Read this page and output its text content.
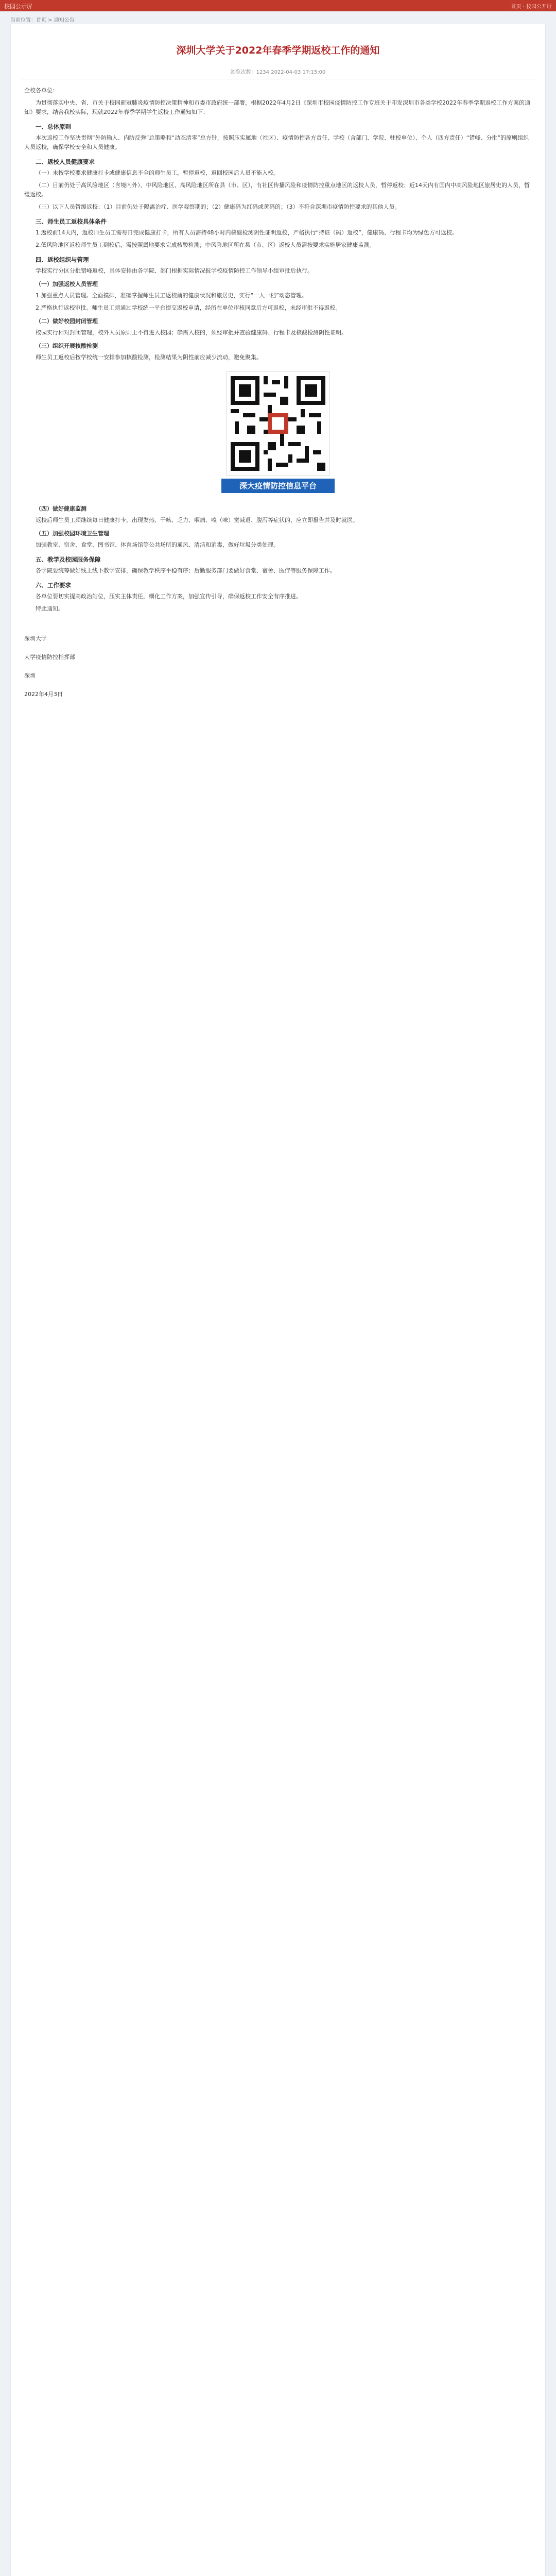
校园公示屏	首页 · 校园公开屏
当前位置：首页 > 通知公告
深圳大学关于2022年春季学期返校工作的通知
浏览次数：1234 2022-04-03 17:15:00

全校各单位：

为贯彻落实中央、省、市关于校园新冠肺炎疫情防控决策精神和市委市政府统一部署，根据2022年4月2日《深圳市校园疫情防控工作专班关于印发深圳市各类学校2022年春季学期返校工作方案的通知》要求，结合我校实际，现就2022年春季学期学生返校工作通知如下：

一、总体原则

本次返校工作坚决贯彻“外防输入、内防反弹”总策略和“动态清零”总方针，按照压实属地（社区）、疫情防控各方责任、学校（含部门、学院、驻校单位）、个人（四方责任）“错峰、分批”的原则组织人员返校，确保学校安全和人员健康。

二、返校人员健康要求

（一）未按学校要求健康打卡或健康信息不全的师生员工，暂停返校，返回校园后人员不能入校。

（二）目前仍处于高风险地区（含境内外）、中风险地区、高风险地区所在县（市、区），有社区传播风险和疫情防控重点地区的返校人员，暂停返校；近14天内有国内中高风险地区旅居史的人员，暂缓返校。

（三）以下人员暂缓返校：（1）目前仍处于隔离治疗、医学观察期的；（2）健康码为红码或黄码的；（3）不符合深圳市疫情防控要求的其他人员。

三、师生员工返校具体条件

1.返校前14天内，返校师生员工需每日完成健康打卡，所有人员需持48小时内核酸检测阴性证明返校，严格执行“持证（码）返校”，健康码、行程卡均为绿色方可返校。

2.低风险地区返校师生员工到校后，需按照属地要求完成核酸检测；中风险地区所在县（市、区）返校人员需按要求实施居家健康监测。

四、返校组织与管理

学校实行分区分批错峰返校，具体安排由各学院、部门根据实际情况报学校疫情防控工作领导小组审批后执行。

（一）加强返校人员管理

1.加强重点人员管理。全面摸排，准确掌握师生员工返校前的健康状况和旅居史，实行“一人一档”动态管理。

2.严格执行返校审批。师生员工须通过学校统一平台提交返校申请，经所在单位审核同意后方可返校，未经审批不得返校。

（二）做好校园封闭管理

校园实行相对封闭管理，校外人员原则上不得进入校园；确需入校的，须经审批并查验健康码、行程卡及核酸检测阴性证明。

（三）组织开展核酸检测

师生员工返校后按学校统一安排参加核酸检测，检测结果为阴性前应减少流动，避免聚集。

深大疫情防控信息平台
（四）做好健康监测

返校后师生员工须继续每日健康打卡，出现发热、干咳、乏力、咽痛、嗅（味）觉减退、腹泻等症状的，应立即报告并及时就医。

（五）加强校园环境卫生管理

加强教室、宿舍、食堂、图书馆、体育场馆等公共场所的通风、清洁和消毒，做好垃圾分类处理。

五、教学及校园服务保障

各学院要统筹做好线上线下教学安排，确保教学秩序平稳有序；后勤服务部门要做好食堂、宿舍、医疗等服务保障工作。

六、工作要求

各单位要切实提高政治站位，压实主体责任，细化工作方案，加强宣传引导，确保返校工作安全有序推进。

特此通知。

深圳大学

大学疫情防控指挥部

深圳

2022年4月3日
